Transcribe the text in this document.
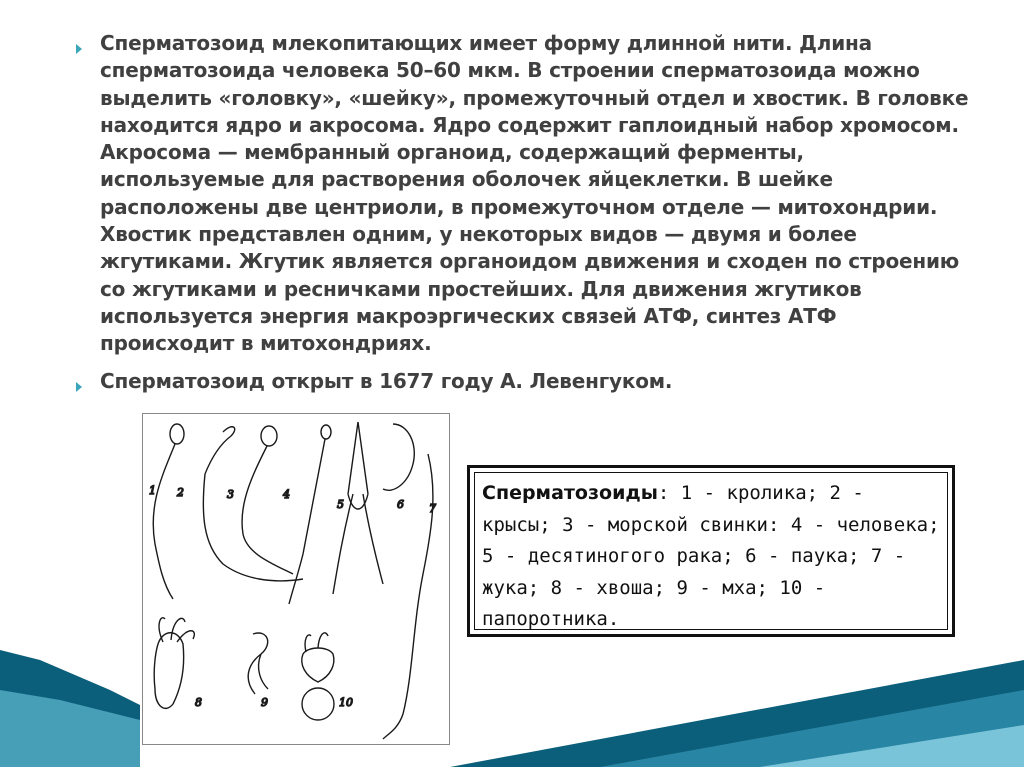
Сперматозоид млекопитающих имеет форму длинной нити. Длина сперматозоида человека 50–60 мкм. В строении сперматозоида можно выделить «головку», «шейку», промежуточный отдел и хвостик. В головке находится ядро и акросома. Ядро содержит гаплоидный набор хромосом. Акросома — мембранный органоид, содержащий ферменты, используемые для растворения оболочек яйцеклетки. В шейке расположены две центриоли, в промежуточном отделе — митохондрии. Хвостик представлен одним, у некоторых видов — двумя и более жгутиками. Жгутик является органоидом движения и сходен по строению со жгутиками и ресничками простейших. Для движения жгутиков используется энергия макроэргических связей АТФ, синтез АТФ происходит в митохондриях.
Сперматозоид открыт в 1677 году А. Левенгуком.
1 2	3	4
5	6 7
8	9	10
Сперматозоиды: 1 - кролика; 2 - крысы; 3 - морской свинки: 4 - человека; 5 - десятиногого рака; 6 - паука; 7 - жука; 8 - хвоша; 9 - мха; 10 - папоротника.
